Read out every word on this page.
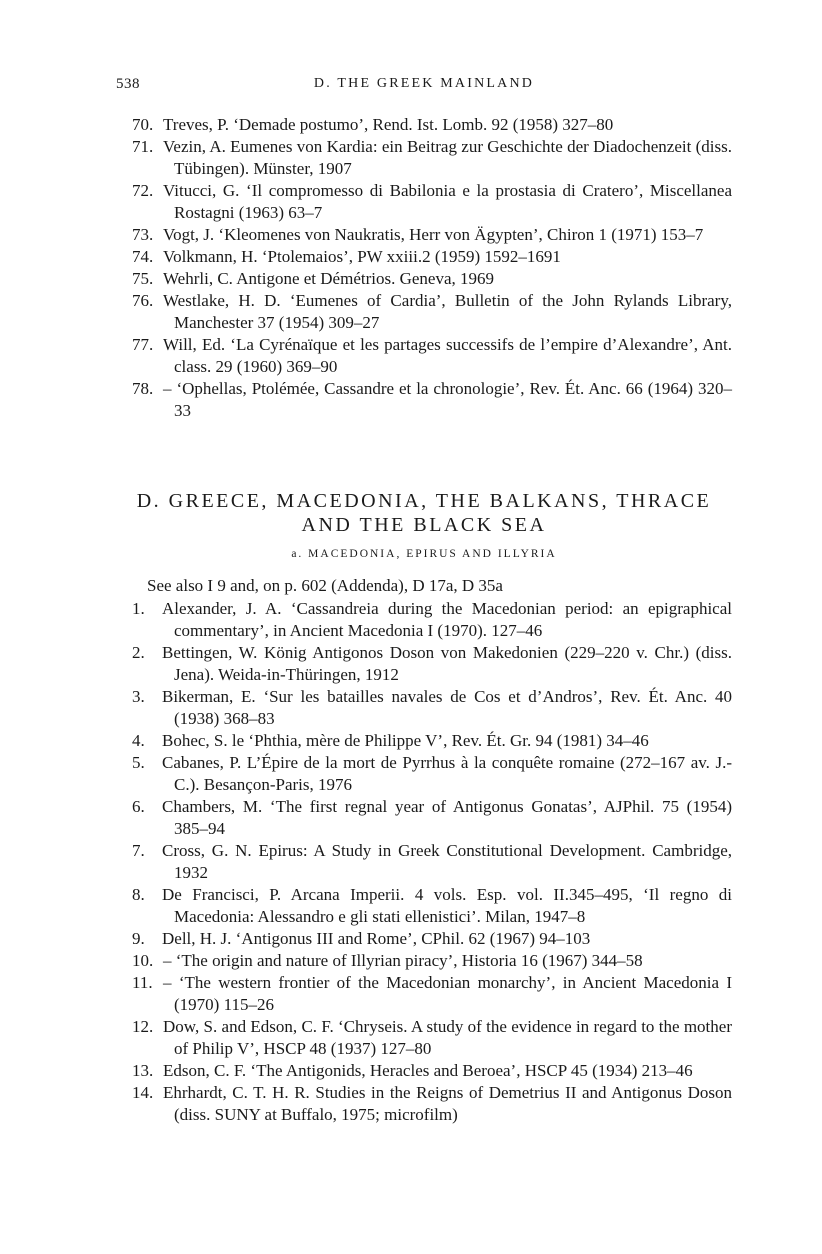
538	D. THE GREEK MAINLAND

70. Treves, P. ‘Demade postumo’, Rend. Ist. Lomb. 92 (1958) 327–80

71. Vezin, A. Eumenes von Kardia: ein Beitrag zur Geschichte der Diadochenzeit (diss. Tübingen). Münster, 1907

72. Vitucci, G. ‘Il compromesso di Babilonia e la prostasia di Cratero’, Miscellanea Rostagni (1963) 63–7

73. Vogt, J. ‘Kleomenes von Naukratis, Herr von Ägypten’, Chiron 1 (1971) 153–7

74. Volkmann, H. ‘Ptolemaios’, PW xxiii.2 (1959) 1592–1691

75. Wehrli, C. Antigone et Démétrios. Geneva, 1969

76. Westlake, H. D. ‘Eumenes of Cardia’, Bulletin of the John Rylands Library, Manchester 37 (1954) 309–27

77. Will, Ed. ‘La Cyrénaïque et les partages successifs de l’empire d’Alexandre’, Ant. class. 29 (1960) 369–90

78. – ‘Ophellas, Ptolémée, Cassandre et la chronologie’, Rev. Ét. Anc. 66 (1964) 320–33

D. GREECE, MACEDONIA, THE BALKANS, THRACE
AND THE BLACK SEA
a. MACEDONIA, EPIRUS AND ILLYRIA
See also I 9 and, on p. 602 (Addenda), D 17a, D 35a

1. Alexander, J. A. ‘Cassandreia during the Macedonian period: an epigraphical commentary’, in Ancient Macedonia I (1970). 127–46

2. Bettingen, W. König Antigonos Doson von Makedonien (229–220 v. Chr.) (diss. Jena). Weida-in-Thüringen, 1912

3. Bikerman, E. ‘Sur les batailles navales de Cos et d’Andros’, Rev. Ét. Anc. 40 (1938) 368–83

4. Bohec, S. le ‘Phthia, mère de Philippe V’, Rev. Ét. Gr. 94 (1981) 34–46

5. Cabanes, P. L’Épire de la mort de Pyrrhus à la conquête romaine (272–167 av. J.-C.). Besançon-Paris, 1976

6. Chambers, M. ‘The first regnal year of Antigonus Gonatas’, AJPhil. 75 (1954) 385–94

7. Cross, G. N. Epirus: A Study in Greek Constitutional Development. Cambridge, 1932

8. De Francisci, P. Arcana Imperii. 4 vols. Esp. vol. II.345–495, ‘Il regno di Macedonia: Alessandro e gli stati ellenistici’. Milan, 1947–8

9. Dell, H. J. ‘Antigonus III and Rome’, CPhil. 62 (1967) 94–103

10. – ‘The origin and nature of Illyrian piracy’, Historia 16 (1967) 344–58

11. – ‘The western frontier of the Macedonian monarchy’, in Ancient Macedonia I (1970) 115–26

12. Dow, S. and Edson, C. F. ‘Chryseis. A study of the evidence in regard to the mother of Philip V’, HSCP 48 (1937) 127–80

13. Edson, C. F. ‘The Antigonids, Heracles and Beroea’, HSCP 45 (1934) 213–46

14. Ehrhardt, C. T. H. R. Studies in the Reigns of Demetrius II and Antigonus Doson (diss. SUNY at Buffalo, 1975; microfilm)
